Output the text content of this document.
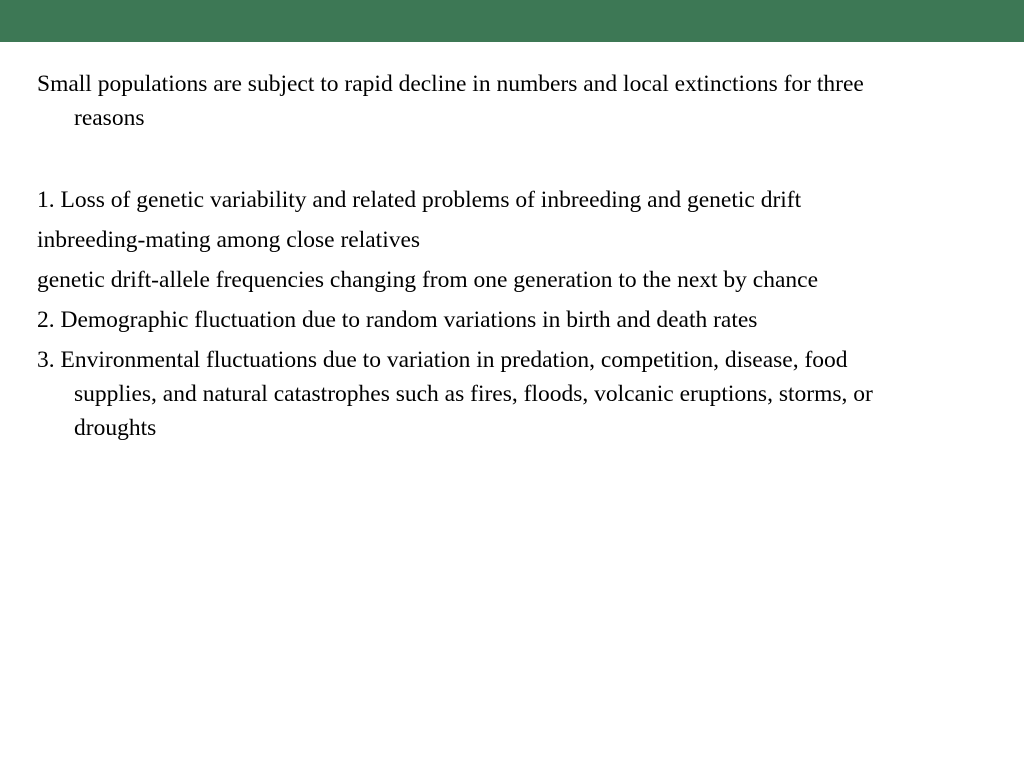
Small populations are subject to rapid decline in numbers and local extinctions for three reasons

1. Loss of genetic variability and related problems of inbreeding and genetic drift

inbreeding-mating among close relatives

genetic drift-allele frequencies changing from one generation to the next by chance

2. Demographic fluctuation due to random variations in birth and death rates

3. Environmental fluctuations due to variation in predation, competition, disease, food supplies, and natural catastrophes such as fires, floods, volcanic eruptions, storms, or droughts
